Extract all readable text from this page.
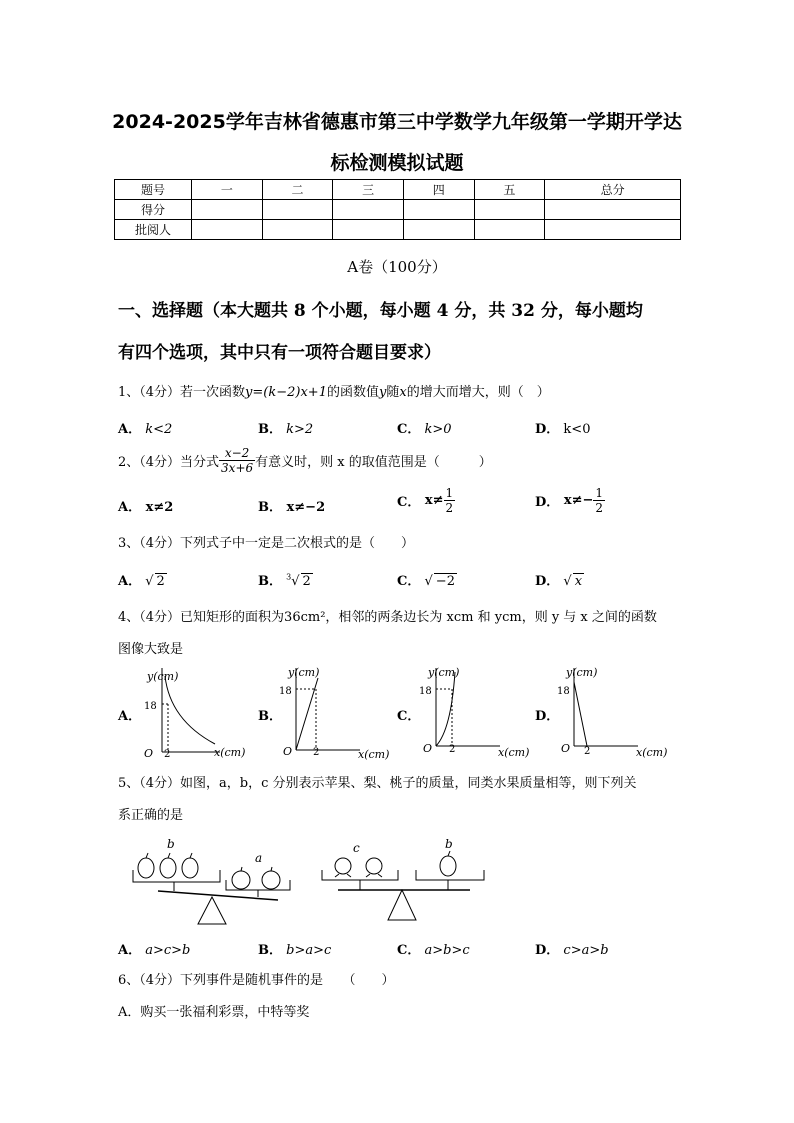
2024-2025学年吉林省德惠市第三中学数学九年级第一学期开学达
标检测模拟试题
题号	一	二	三	四	五	总分
得分						
批阅人						
A卷（100分）
一、选择题（本大题共 8 个小题，每小题 4 分，共 32 分，每小题均
有四个选项，其中只有一项符合题目要求）
1、（4分）若一次函数y=(k−2)x+1的函数值y随x的增大而增大，则（　）
A． k<2	B． k>2	C． k>0	D． k<0
2、（4分）当分式 $\frac{x-2}{3x+6}$ 有意义时，则 x 的取值范围是（　　　）
A． x≠2	B． x≠−2	C．
$x\ne \frac{1}{2}$	D．
$x\ne- \frac{1}{2}$
3、（4分）下列式子中一定是二次根式的是（　　）
A． √ 2	B． $^3$√ 2	C． √ −2	D． √ x
4、（4分）已知矩形的面积为36cm²，相邻的两条边长为 xcm 和 ycm，则 y 与 x 之间的函数
图像大致是
A．	B．	C．	D．
y(cm)
x(cm)
O
18
2
y(cm)
x(cm)
O
18
2
y(cm)
x(cm)
O
18
2
y(cm)
x(cm)
O
18
2
5、（4分）如图，a，b，c 分别表示苹果、梨、桃子的质量，同类水果质量相等，则下列关
系正确的是
b
a
c	b
A． a>c>b	B． b>a>c	C． a>b>c	D． c>a>b
6、（4分）下列事件是随机事件的是　　（　　）
A．购买一张福利彩票，中特等奖
